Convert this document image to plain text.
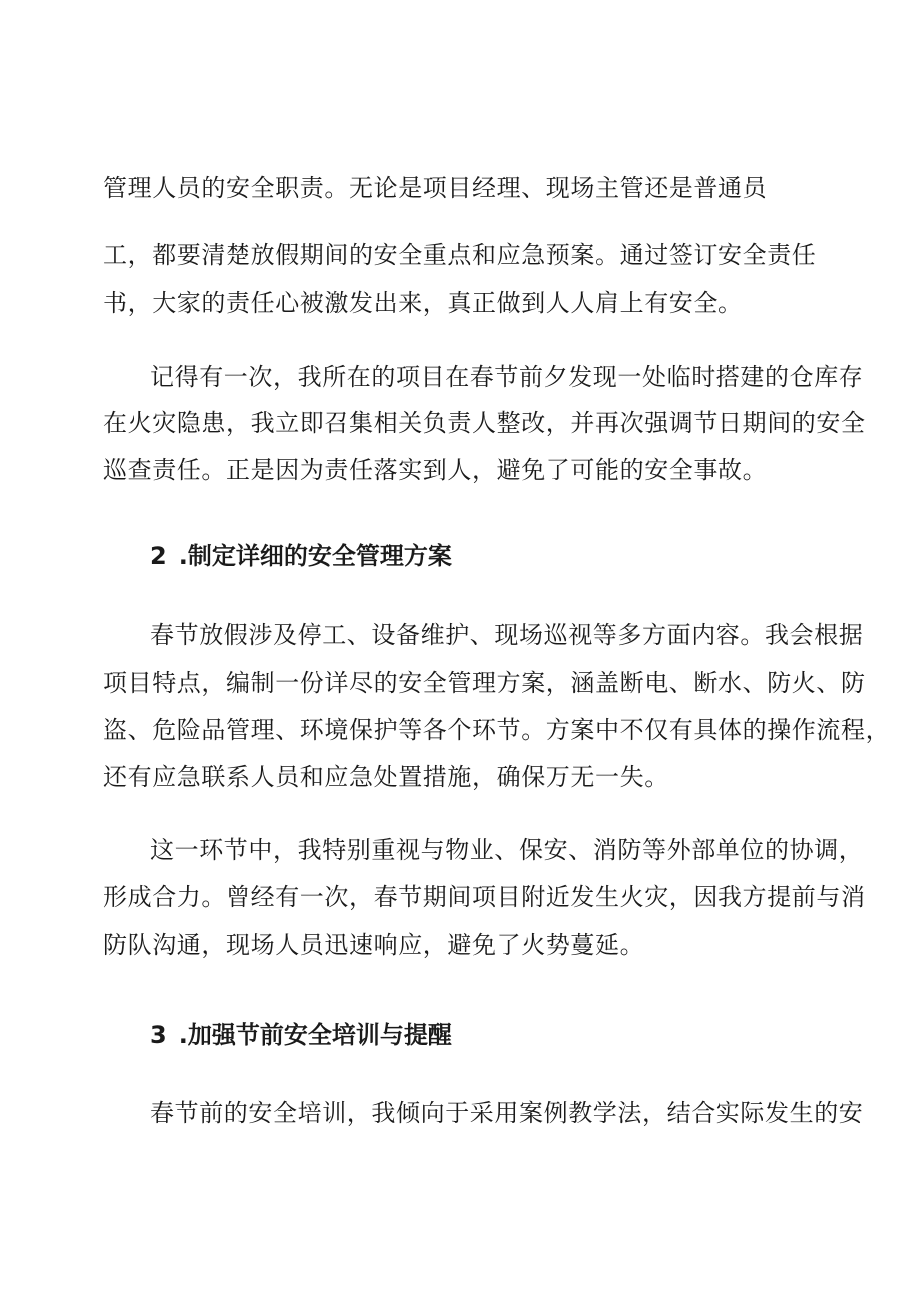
管理人员的安全职责。无论是项目经理、现场主管还是普通员
工，都要清楚放假期间的安全重点和应急预案。通过签订安全责任
书，大家的责任心被激发出来，真正做到人人肩上有安全。
记得有一次，我所在的项目在春节前夕发现一处临时搭建的仓库存
在火灾隐患，我立即召集相关负责人整改，并再次强调节日期间的安全
巡查责任。正是因为责任落实到人，避免了可能的安全事故。
2 .制定详细的安全管理方案
春节放假涉及停工、设备维护、现场巡视等多方面内容。我会根据
项目特点，编制一份详尽的安全管理方案，涵盖断电、断水、防火、防
盗、危险品管理、环境保护等各个环节。方案中不仅有具体的操作流程，
还有应急联系人员和应急处置措施，确保万无一失。
这一环节中，我特别重视与物业、保安、消防等外部单位的协调，
形成合力。曾经有一次，春节期间项目附近发生火灾，因我方提前与消
防队沟通，现场人员迅速响应，避免了火势蔓延。
3 .加强节前安全培训与提醒
春节前的安全培训，我倾向于采用案例教学法，结合实际发生的安
